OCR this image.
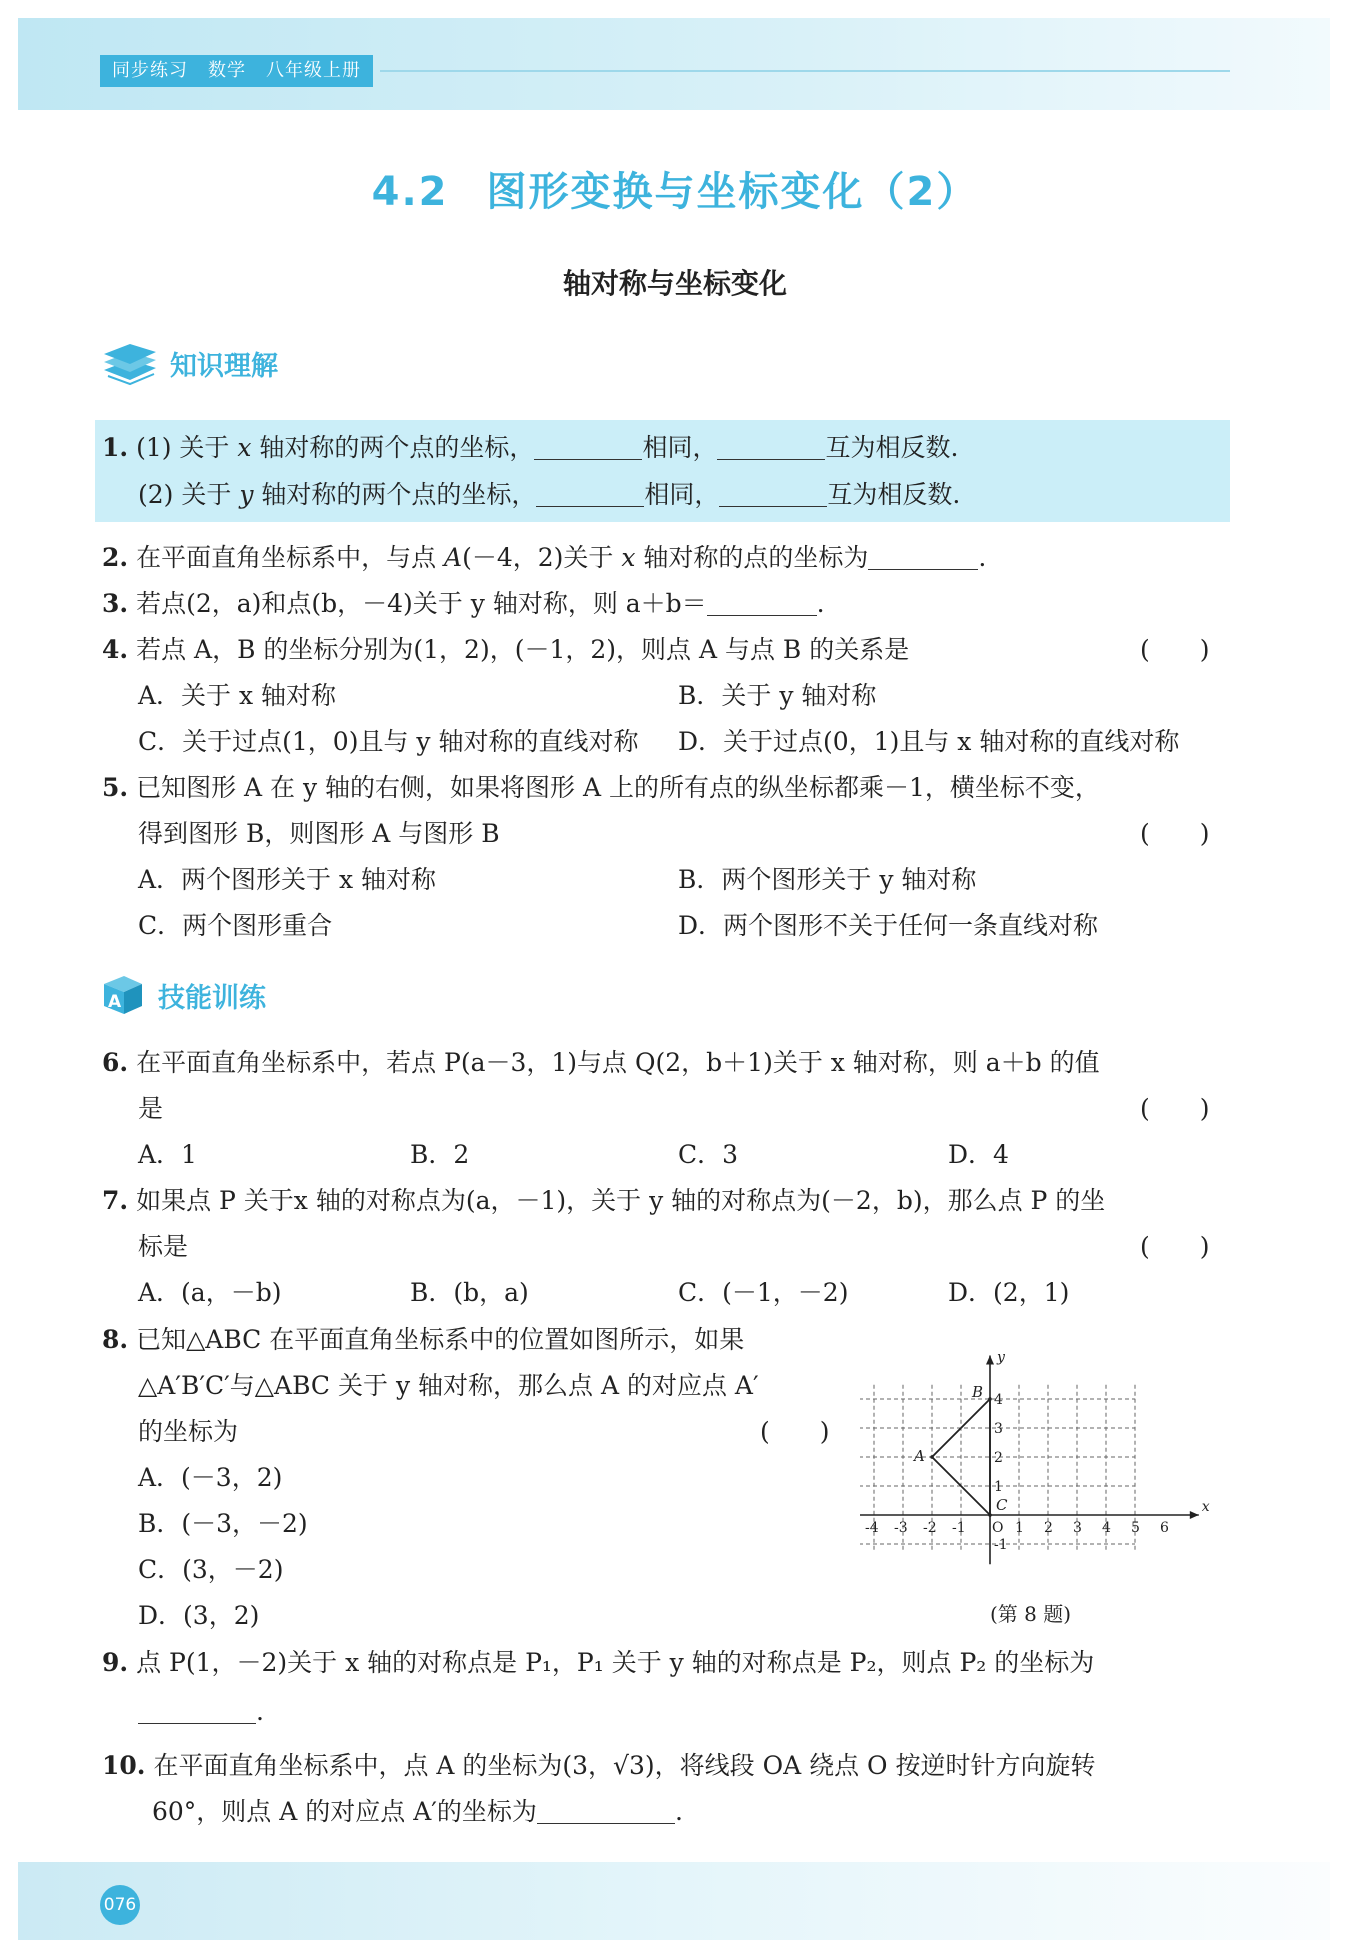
同步练习 数学 八年级上册
4.2 图形变换与坐标变化（2）
轴对称与坐标变化
知识理解
1. (1) 关于 x 轴对称的两个点的坐标，	相同，	互为相反数.
(2) 关于 y 轴对称的两个点的坐标，	相同，	互为相反数.
2. 在平面直角坐标系中，与点 A(－4，2)关于 x 轴对称的点的坐标为	.
3. 若点(2，a)和点(b，－4)关于 y 轴对称，则 a＋b＝	.
4. 若点 A，B 的坐标分别为(1，2)，(－1，2)，则点 A 与点 B 的关系是	(　　)
A．关于 x 轴对称	B．关于 y 轴对称
C．关于过点(1，0)且与 y 轴对称的直线对称 D．关于过点(0，1)且与 x 轴对称的直线对称
5. 已知图形 A 在 y 轴的右侧，如果将图形 A 上的所有点的纵坐标都乘－1，横坐标不变，
得到图形 B，则图形 A 与图形 B	(　　)
A．两个图形关于 x 轴对称	B．两个图形关于 y 轴对称
C．两个图形重合	D．两个图形不关于任何一条直线对称
A 技能训练
6. 在平面直角坐标系中，若点 P(a－3，1)与点 Q(2，b＋1)关于 x 轴对称，则 a＋b 的值
是	(　　)
A．1	B．2	C．3	D．4
7. 如果点 P 关于x 轴的对称点为(a，－1)，关于 y 轴的对称点为(－2，b)，那么点 P 的坐
标是	(　　)
A．(a，－b)	B．(b，a)	C．(－1，－2)	D．(2，1)
8. 已知△ABC 在平面直角坐标系中的位置如图所示，如果
△A′B′C′与△ABC 关于 y 轴对称，那么点 A 的对应点 A′
的坐标为	(　　)
A．(－3，2)
B．(－3，－2)
C．(3，－2)
D．(3，2)
x
y
-4 -3 -2 -1 O 1 2 3 4 5 6
-1
1
2
3
4
A
B
C
(第 8 题)
9. 点 P(1，－2)关于 x 轴的对称点是 P₁，P₁ 关于 y 轴的对称点是 P₂，则点 P₂ 的坐标为
.
10. 在平面直角坐标系中，点 A 的坐标为(3，√3)，将线段 OA 绕点 O 按逆时针方向旋转
60°，则点 A 的对应点 A′的坐标为	.
076
